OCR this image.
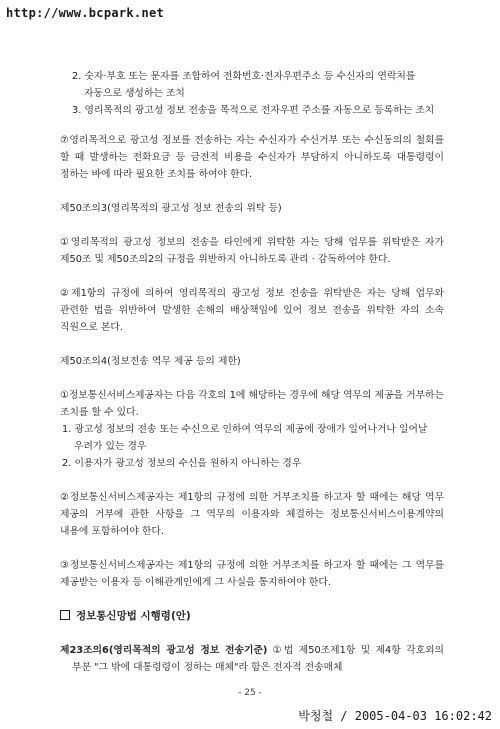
http://www.bcpark.net

2. 숫자·부호 또는 문자를 조합하여 전화번호·전자우편주소 등 수신자의 연락처를 자동으로 생성하는 조치

3. 영리목적의 광고성 정보 전송을 목적으로 전자우편 주소를 자동으로 등록하는 조치

⑦영리목적으로 광고성 정보를 전송하는 자는 수신자가 수신거부 또는 수신동의의 철회를 할 때 발생하는 전화요금 등 금전적 비용을 수신자가 부담하지 아니하도록 대통령령이 정하는 바에 따라 필요한 조치를 하여야 한다.

제50조의3(영리목적의 광고성 정보 전송의 위탁 등)

①영리목적의 광고성 정보의 전송을 타인에게 위탁한 자는 당해 업무를 위탁받은 자가 제50조 및 제50조의2의 규정을 위반하지 아니하도록 관리 · 감독하여야 한다.

②제1항의 규정에 의하여 영리목적의 광고성 정보 전송을 위탁받은 자는 당해 업무와 관련한 법을 위반하여 발생한 손해의 배상책임에 있어 정보 전송을 위탁한 자의 소속 직원으로 본다.

제50조의4(정보전송 역무 제공 등의 제한)

①정보통신서비스제공자는 다음 각호의 1에 해당하는 경우에 해당 역무의 제공을 거부하는 조치를 할 수 있다.

1. 광고성 정보의 전송 또는 수신으로 인하여 역무의 제공에 장애가 일어나거나 일어날 우려가 있는 경우

2. 이용자가 광고성 정보의 수신을 원하지 아니하는 경우

②정보통신서비스제공자는 제1항의 규정에 의한 거부조치를 하고자 할 때에는 해당 역무 제공의 거부에 관한 사항을 그 역무의 이용자와 체결하는 정보통신서비스이용계약의 내용에 포함하여야 한다.

③정보통신서비스제공자는 제1항의 규정에 의한 거부조치를 하고자 할 때에는 그 역무를 제공받는 이용자 등 이해관계인에게 그 사실을 통지하여야 한다.

정보통신망법 시행령(안)

제23조의6(영리목적의 광고성 정보 전송기준) ①법 제50조제1항 및 제4항 각호외의 부분 "그 밖에 대통령령이 정하는 매체"라 함은 전자적 전송매체

- 25 -
박청철 / 2005-04-03 16:02:42
